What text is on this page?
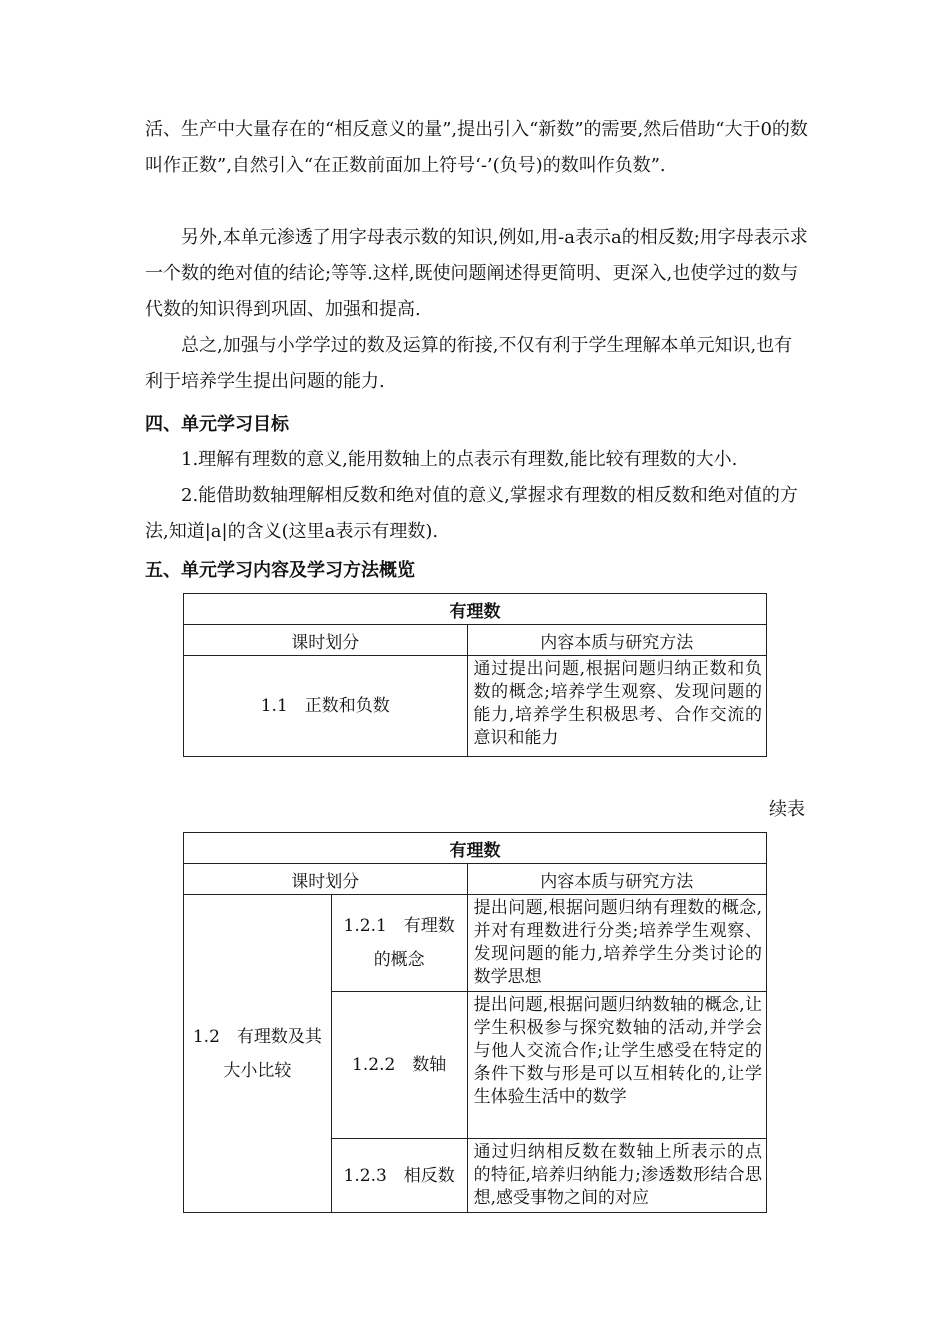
活、生产中大量存在的“相反意义的量”,提出引入“新数”的需要,然后借助“大于0的数叫作正数”,自然引入“在正数前面加上符号‘-’(负号)的数叫作负数”.

另外,本单元渗透了用字母表示数的知识,例如,用-a表示a的相反数;用字母表示求一个数的绝对值的结论;等等.这样,既使问题阐述得更简明、更深入,也使学过的数与代数的知识得到巩固、加强和提高.

总之,加强与小学学过的数及运算的衔接,不仅有利于学生理解本单元知识,也有利于培养学生提出问题的能力.

四、单元学习目标

1.理解有理数的意义,能用数轴上的点表示有理数,能比较有理数的大小.

2.能借助数轴理解相反数和绝对值的意义,掌握求有理数的相反数和绝对值的方法,知道|a|的含义(这里a表示有理数).

五、单元学习内容及学习方法概览
有理数	
课时划分	内容本质与研究方法
1.1　正数和负数	通过提出问题,根据问题归纳正数和负数的概念;培养学生观察、发现问题的能力,培养学生积极思考、合作交流的意识和能力
续表
有理数		
课时划分		内容本质与研究方法
1.2　有理数及其大小比较	1.2.1　有理数的概念	提出问题,根据问题归纳有理数的概念,并对有理数进行分类;培养学生观察、发现问题的能力,培养学生分类讨论的数学思想
	1.2.2　数轴	提出问题,根据问题归纳数轴的概念,让学生积极参与探究数轴的活动,并学会与他人交流合作;让学生感受在特定的条件下数与形是可以互相转化的,让学生体验生活中的数学
	1.2.3　相反数	通过归纳相反数在数轴上所表示的点的特征,培养归纳能力;渗透数形结合思想,感受事物之间的对应
